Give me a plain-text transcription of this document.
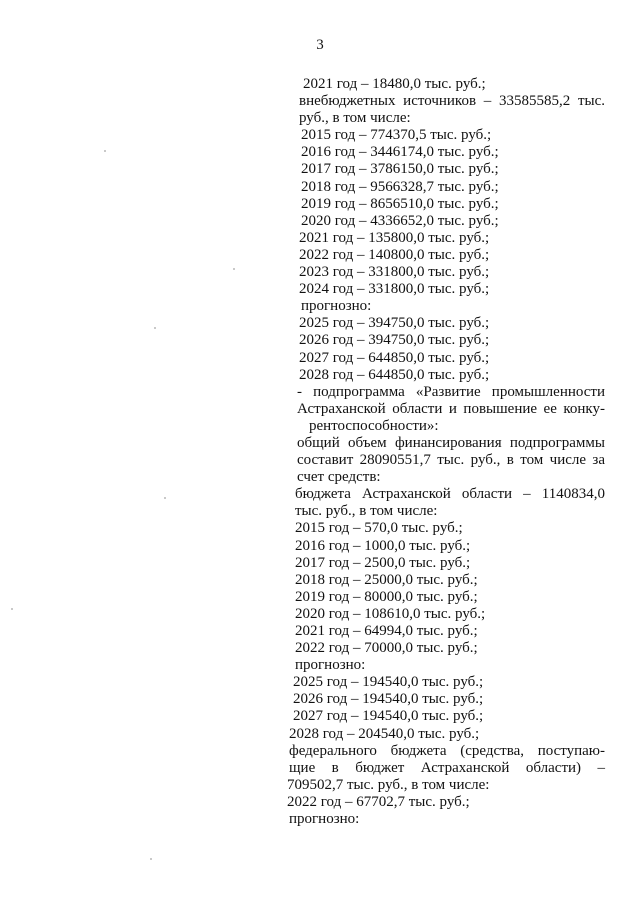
3
2021 год – 18480,0 тыс. руб.;
внебюджетных источников – 33585585,2 тыс.
руб., в том числе:
2015 год – 774370,5 тыс. руб.;
2016 год – 3446174,0 тыс. руб.;
2017 год – 3786150,0 тыс. руб.;
2018 год – 9566328,7 тыс. руб.;
2019 год – 8656510,0 тыс. руб.;
2020 год – 4336652,0 тыс. руб.;
2021 год – 135800,0 тыс. руб.;
2022 год – 140800,0 тыс. руб.;
2023 год – 331800,0 тыс. руб.;
2024 год – 331800,0 тыс. руб.;
прогнозно:
2025 год – 394750,0 тыс. руб.;
2026 год – 394750,0 тыс. руб.;
2027 год – 644850,0 тыс. руб.;
2028 год – 644850,0 тыс. руб.;
- подпрограмма «Развитие промышленности
Астраханской области и повышение ее конку-
рентоспособности»:
общий объем финансирования подпрограммы
составит 28090551,7 тыс. руб., в том числе за
счет средств:
бюджета Астраханской области – 1140834,0
тыс. руб., в том числе:
2015 год – 570,0 тыс. руб.;
2016 год – 1000,0 тыс. руб.;
2017 год – 2500,0 тыс. руб.;
2018 год – 25000,0 тыс. руб.;
2019 год – 80000,0 тыс. руб.;
2020 год – 108610,0 тыс. руб.;
2021 год – 64994,0 тыс. руб.;
2022 год – 70000,0 тыс. руб.;
прогнозно:
2025 год – 194540,0 тыс. руб.;
2026 год – 194540,0 тыс. руб.;
2027 год – 194540,0 тыс. руб.;
2028 год – 204540,0 тыс. руб.;
федерального бюджета (средства, поступаю-
щие в бюджет Астраханской области) –
709502,7 тыс. руб., в том числе:
2022 год – 67702,7 тыс. руб.;
прогнозно:
